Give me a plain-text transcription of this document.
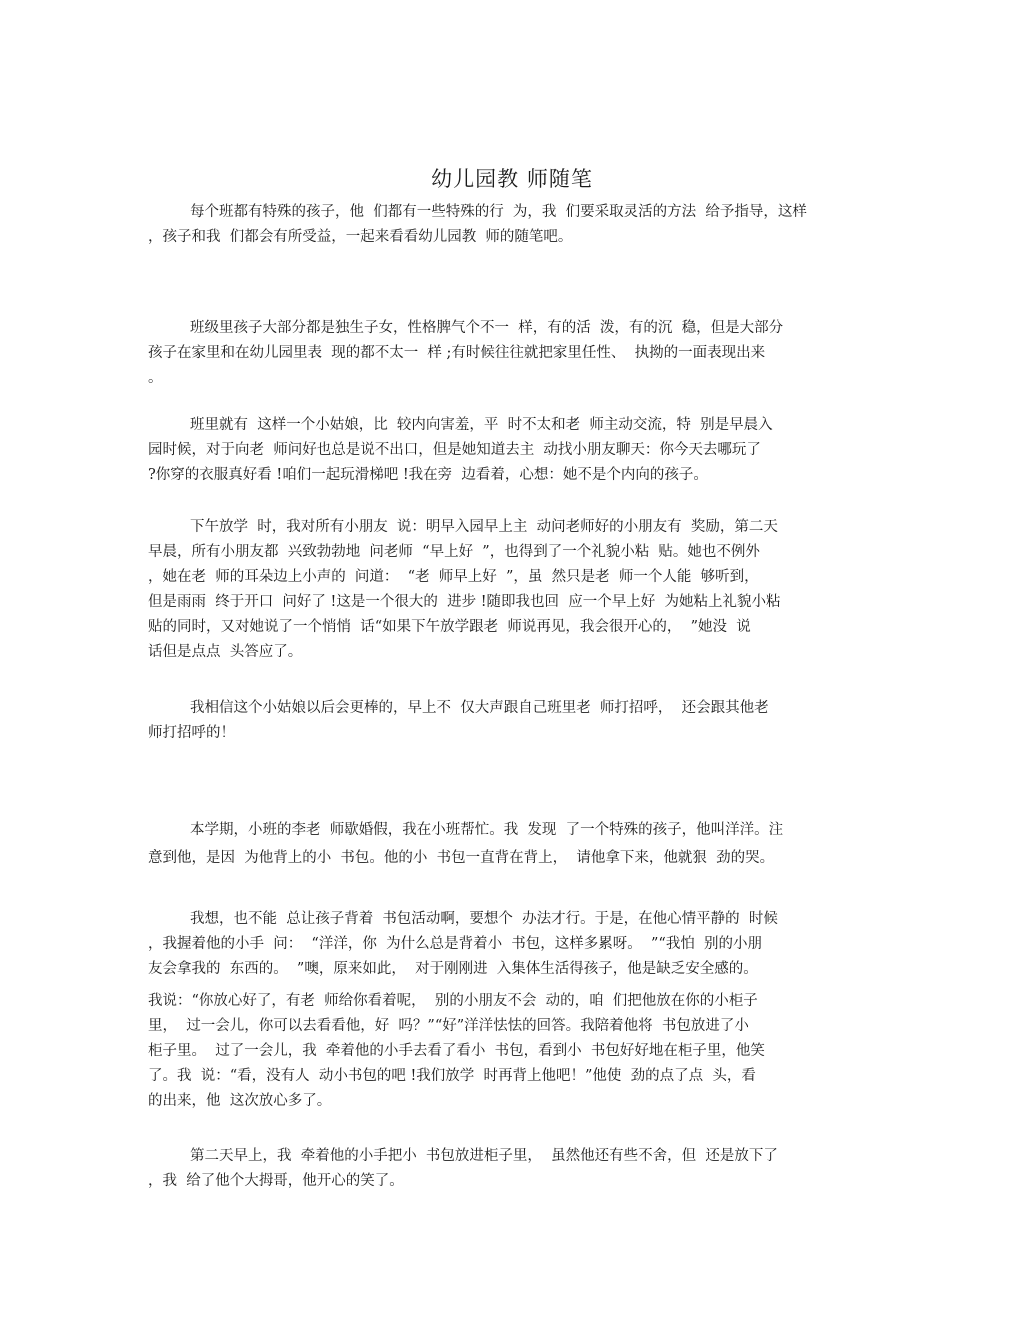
幼儿园教 师随笔

每个班都有特殊的孩子，他  们都有一些特殊的行  为，我  们要采取灵活的方法  给予指导，这样
，孩子和我  们都会有所受益，一起来看看幼儿园教  师的随笔吧。

班级里孩子大部分都是独生子女，性格脾气个不一  样，有的活  泼，有的沉  稳，但是大部分
孩子在家里和在幼儿园里表  现的都不太一  样 ;有时候往往就把家里任性、  执拗的一面表现出来
。

班里就有  这样一个小姑娘，比  较内向害羞，平  时不太和老  师主动交流，特  别是早晨入
园时候，对于向老  师问好也总是说不出口，但是她知道去主  动找小朋友聊天：你今天去哪玩了
?你穿的衣服真好看 !咱们一起玩滑梯吧 !我在旁  边看着，心想：她不是个内向的孩子。

下午放学  时，我对所有小朋友  说：明早入园早上主  动问老师好的小朋友有  奖励，第二天
早晨，所有小朋友都  兴致勃勃地  问老师  “早上好  ”，也得到了一个礼貌小粘  贴。她也不例外
，她在老  师的耳朵边上小声的  问道：  “老  师早上好  ”，虽  然只是老  师一个人能  够听到，
但是雨雨  终于开口  问好了 !这是一个很大的  进步 !随即我也回  应一个早上好  为她粘上礼貌小粘
贴的同时，又对她说了一个悄悄  话“如果下午放学跟老  师说再见，我会很开心的，  ”她没  说
话但是点点  头答应了。

我相信这个小姑娘以后会更棒的，早上不  仅大声跟自己班里老  师打招呼，  还会跟其他老
师打招呼的！

本学期，小班的李老  师歇婚假，我在小班帮忙。我  发现  了一个特殊的孩子，他叫洋洋。注
意到他，是因  为他背上的小  书包。他的小  书包一直背在背上，  请他拿下来，他就狠  劲的哭。

我想，也不能  总让孩子背着  书包活动啊，要想个  办法才行。于是，在他心情平静的  时候
，我握着他的小手  问：  “洋洋，你  为什么总是背着小  书包，这样多累呀。  ”“我怕  别的小朋
友会拿我的  东西的。  ”噢，原来如此，  对于刚刚进  入集体生活得孩子，他是缺乏安全感的。

我说：“你放心好了，有老  师给你看着呢，  别的小朋友不会  动的，咱  们把他放在你的小柜子
里，  过一会儿，你可以去看看他，好  吗？”“好”洋洋怯怯的回答。我陪着他将  书包放进了小
柜子里。  过了一会儿，我  牵着他的小手去看了看小  书包，看到小  书包好好地在柜子里，他笑
了。我  说：“看，没有人  动小书包的吧 !我们放学  时再背上他吧！”他使  劲的点了点  头，看
的出来，他  这次放心多了。

第二天早上，我  牵着他的小手把小  书包放进柜子里，  虽然他还有些不舍，但  还是放下了
，我  给了他个大拇哥，他开心的笑了。
